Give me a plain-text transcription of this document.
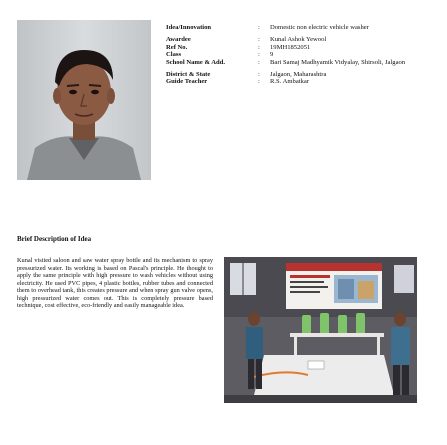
Idea/Innovation	:	Domestic non electric vehicle washer
Awardee	:	Kunal Ashok Yewool
Ref No.	:	19MH1852051
Class	:	9
School Name & Add.	:	Bari Samaj Madhyamik Vidyalay, Shirsoli, Jalgaon
District & State	:	Jalgaon, Maharashtra
Guide Teacher	:	R.S. Ambatkar
Brief Description of Idea
Kunal visited saloon and saw water spray bottle and its mechanism to spray pressurized water. Its working is based on Pascal's principle. He thought to apply the same principle with high pressure to wash vehicles without using electricity. He used PVC pipes, 4 plastic bottles, rubber tubes and connected them to overhead tank, this creates pressure and when spray gun valve opens, high pressurized water comes out. This is completely pressure based technique, cost effective, eco-friendly and easily manageable idea.
